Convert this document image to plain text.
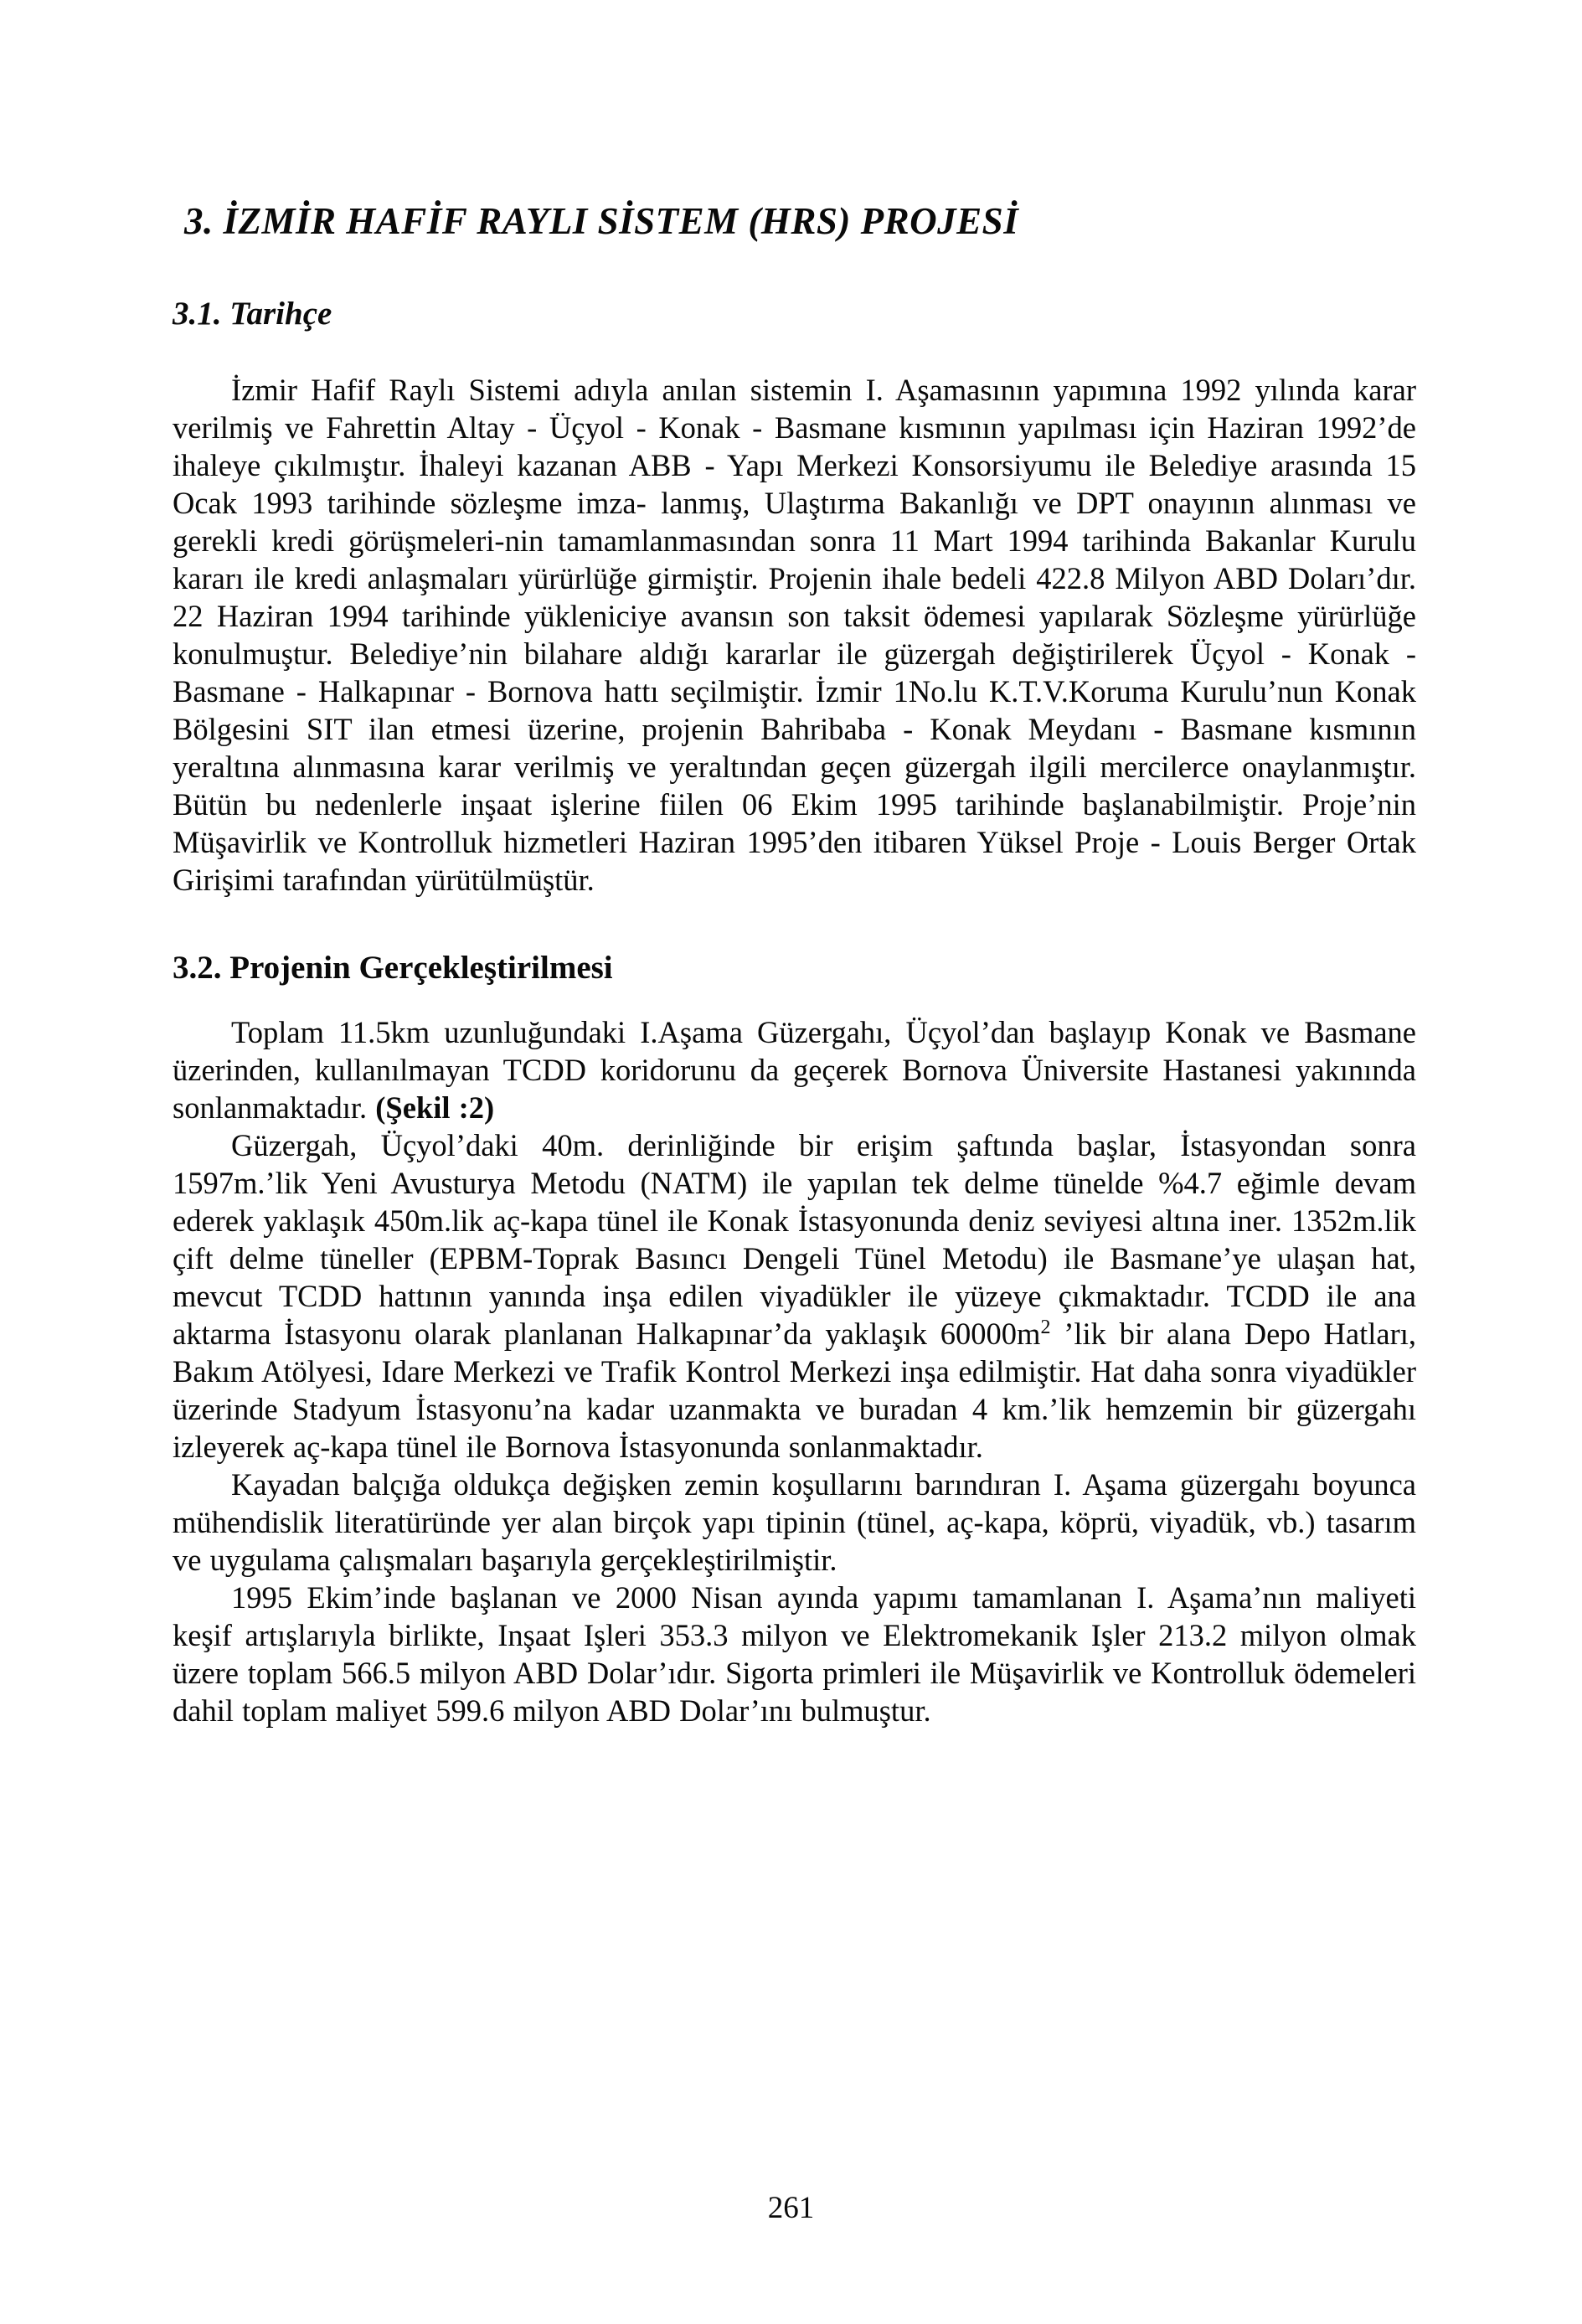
3. İZMİR HAFİF RAYLI SİSTEM (HRS) PROJESİ
3.1. Tarihçe

İzmir Hafif Raylı Sistemi adıyla anılan sistemin I. Aşamasının yapımına 1992 yılında karar verilmiş ve Fahrettin Altay - Üçyol - Konak - Basmane kısmının yapılması için Haziran 1992’de ihaleye çıkılmıştır. İhaleyi kazanan ABB - Yapı Merkezi Konsorsiyumu ile Belediye arasında 15 Ocak 1993 tarihinde sözleşme imza- lanmış, Ulaştırma Bakanlığı ve DPT onayının alınması ve gerekli kredi görüşmeleri-nin tamamlanmasından sonra 11 Mart 1994 tarihinda Bakanlar Kurulu kararı ile kredi anlaşmaları yürürlüğe girmiştir. Projenin ihale bedeli 422.8 Milyon ABD Doları’dır. 22 Haziran 1994 tarihinde yükleniciye avansın son taksit ödemesi yapılarak Sözleşme yürürlüğe konulmuştur. Belediye’nin bilahare aldığı kararlar ile güzergah değiştirilerek Üçyol - Konak - Basmane - Halkapınar - Bornova hattı seçilmiştir. İzmir 1No.lu K.T.V.Koruma Kurulu’nun Konak Bölgesini SIT ilan etmesi üzerine, projenin Bahribaba - Konak Meydanı - Basmane kısmının yeraltına alınmasına karar verilmiş ve yeraltından geçen güzergah ilgili mercilerce onaylanmıştır. Bütün bu nedenlerle inşaat işlerine fiilen 06 Ekim 1995 tarihinde başlanabilmiştir. Proje’nin Müşavirlik ve Kontrolluk hizmetleri Haziran 1995’den itibaren Yüksel Proje - Louis Berger Ortak Girişimi tarafından yürütülmüştür.

3.2. Projenin Gerçekleştirilmesi

Toplam 11.5km uzunluğundaki I.Aşama Güzergahı, Üçyol’dan başlayıp Konak ve Basmane üzerinden, kullanılmayan TCDD koridorunu da geçerek Bornova Üniversite Hastanesi yakınında sonlanmaktadır. (Şekil :2)

Güzergah, Üçyol’daki 40m. derinliğinde bir erişim şaftında başlar, İstasyondan sonra 1597m.’lik Yeni Avusturya Metodu (NATM) ile yapılan tek delme tünelde %4.7 eğimle devam ederek yaklaşık 450m.lik aç-kapa tünel ile Konak İstasyonunda deniz seviyesi altına iner. 1352m.lik çift delme tüneller (EPBM-Toprak Basıncı Dengeli Tünel Metodu) ile Basmane’ye ulaşan hat, mevcut TCDD hattının yanında inşa edilen viyadükler ile yüzeye çıkmaktadır. TCDD ile ana aktarma İstasyonu olarak planlanan Halkapınar’da yaklaşık $60000m^2$ ’lik bir alana Depo Hatları, Bakım Atölyesi, Idare Merkezi ve Trafik Kontrol Merkezi inşa edilmiştir. Hat daha sonra viyadükler üzerinde Stadyum İstasyonu’na kadar uzanmakta ve buradan 4 km.’lik hemzemin bir güzergahı izleyerek aç-kapa tünel ile Bornova İstasyonunda sonlanmaktadır.

Kayadan balçığa oldukça değişken zemin koşullarını barındıran I. Aşama güzergahı boyunca mühendislik literatüründe yer alan birçok yapı tipinin (tünel, aç-kapa, köprü, viyadük, vb.) tasarım ve uygulama çalışmaları başarıyla gerçekleştirilmiştir.

1995 Ekim’inde başlanan ve 2000 Nisan ayında yapımı tamamlanan I. Aşama’nın maliyeti keşif artışlarıyla birlikte, Inşaat Işleri 353.3 milyon ve Elektromekanik Işler 213.2 milyon olmak üzere toplam 566.5 milyon ABD Dolar’ıdır. Sigorta primleri ile Müşavirlik ve Kontrolluk ödemeleri dahil toplam maliyet 599.6 milyon ABD Dolar’ını bulmuştur.

261
